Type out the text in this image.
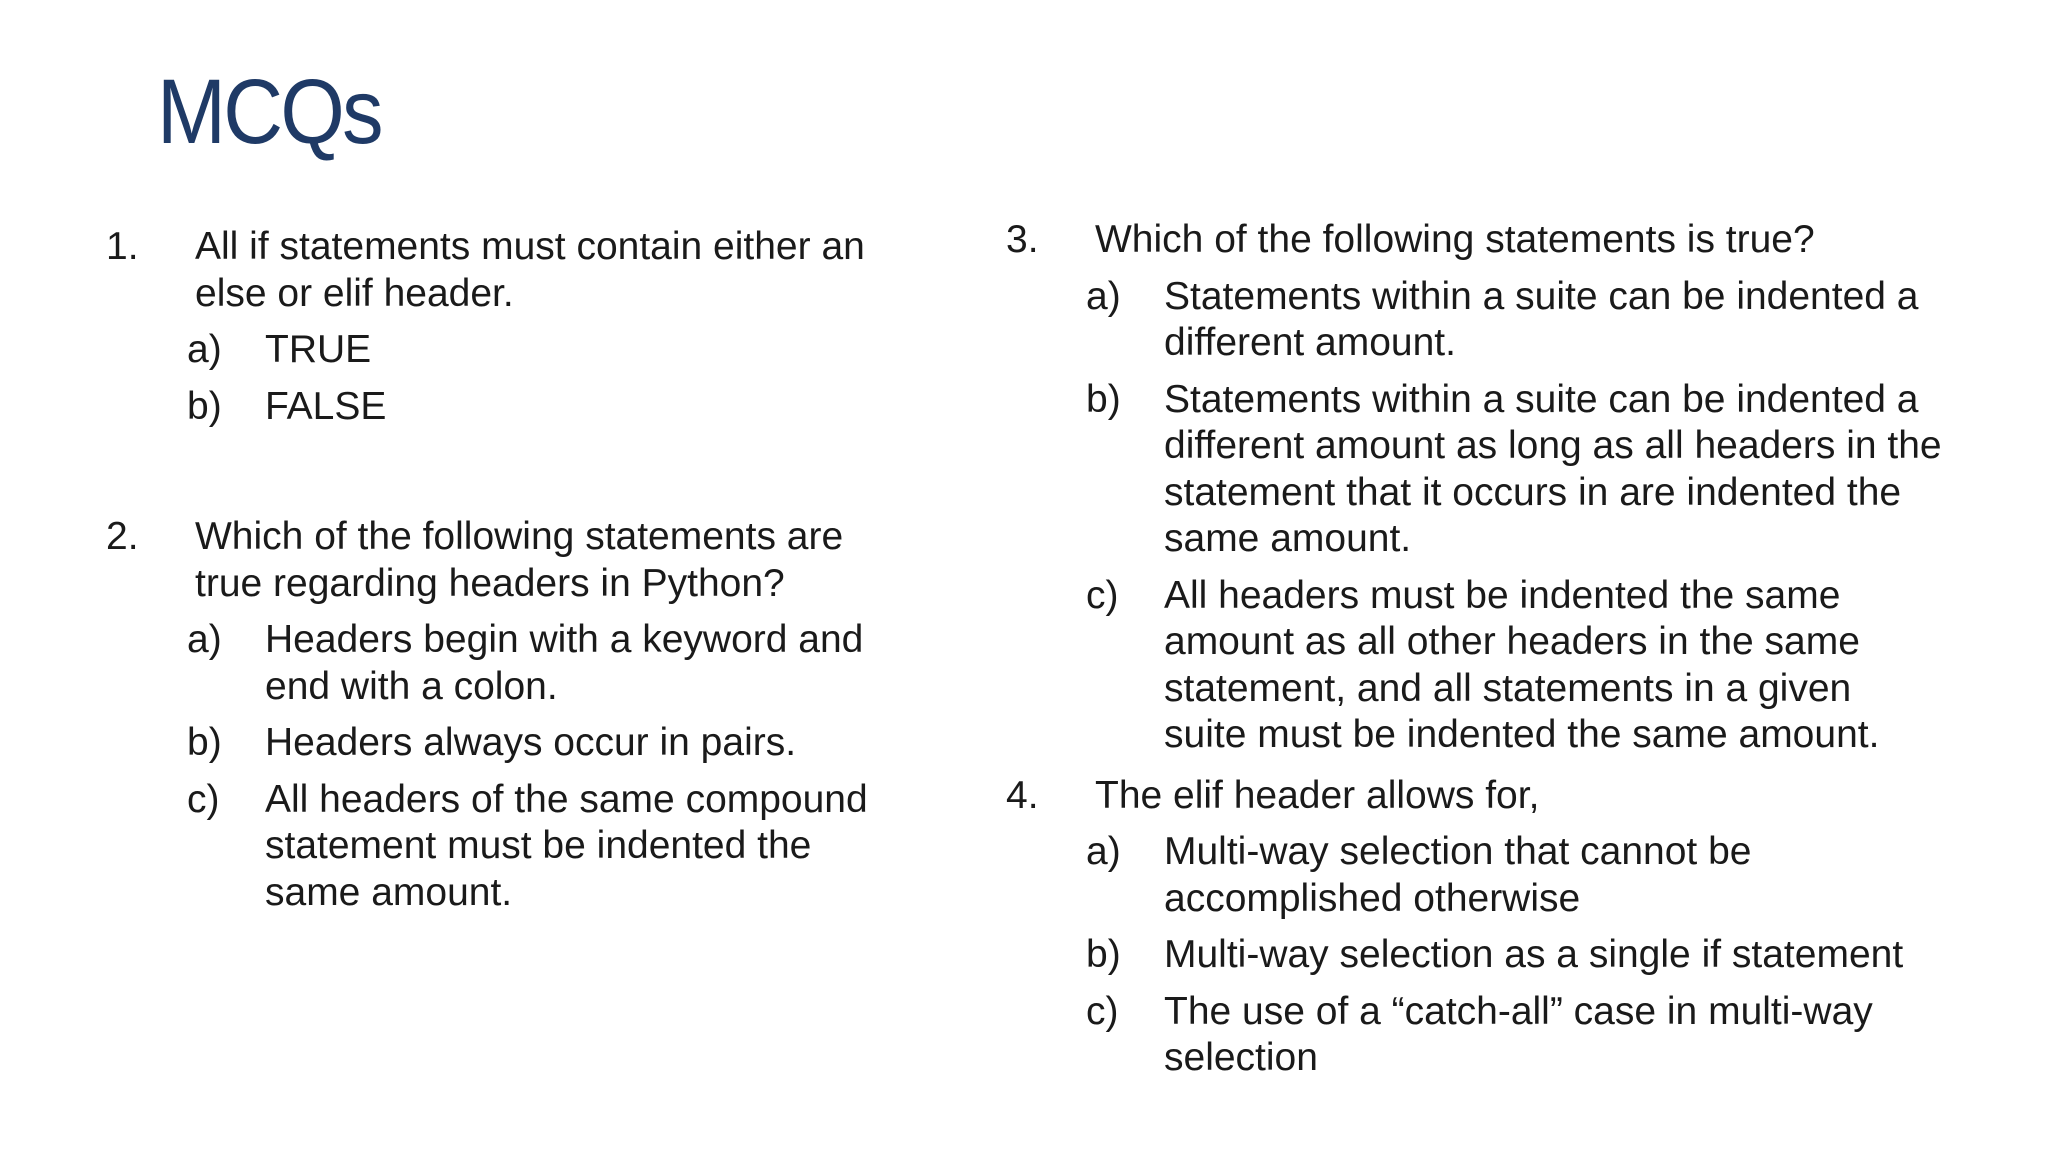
MCQs
1. All if statements must contain either an else or elif header.
a) TRUE
b) FALSE
2. Which of the following statements are true regarding headers in Python?
a) Headers begin with a keyword and end with a colon.
b) Headers always occur in pairs.
c) All headers of the same compound statement must be indented the same amount.
3. Which of the following statements is true?
a) Statements within a suite can be indented a different amount.
b) Statements within a suite can be indented a different amount as long as all headers in the statement that it occurs in are indented the same amount.
c) All headers must be indented the same amount as all other headers in the same statement, and all statements in a given suite must be indented the same amount.
4. The elif header allows for,
a) Multi-way selection that cannot be accomplished otherwise
b) Multi-way selection as a single if statement
c) The use of a “catch-all” case in multi-way selection
